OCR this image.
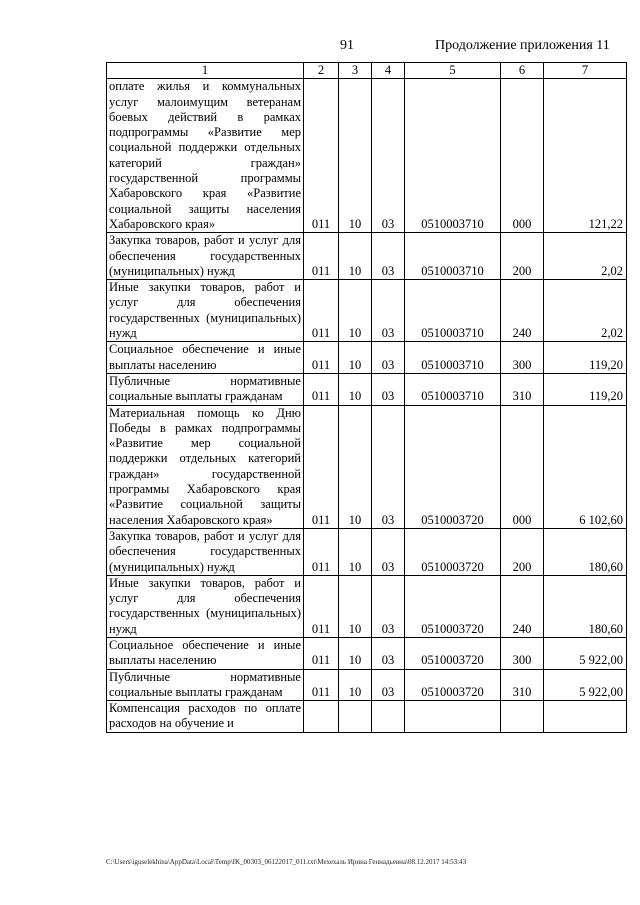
91	Продолжение приложения 11
1	2	3	4	5	6	7
оплате жилья и коммунальных услуг малоимущим ветеранам боевых действий в рамках подпрограммы «Развитие мер социальной поддержки отдельных категорий граждан» государственной программы Хабаровского края «Развитие социальной защиты населения Хабаровского края»	011	10	03	0510003710	000	121,22
Закупка товаров, работ и услуг для обеспечения государственных (муниципальных) нужд	011	10	03	0510003710	200	2,02
Иные закупки товаров, работ и услуг для обеспечения государственных (муниципальных) нужд	011	10	03	0510003710	240	2,02
Социальное обеспечение и иные выплаты населению	011	10	03	0510003710	300	119,20
Публичные нормативные социальные выплаты гражданам	011	10	03	0510003710	310	119,20
Материальная помощь ко Дню Победы в рамках подпрограммы «Развитие мер социальной поддержки отдельных категорий граждан» государственной программы Хабаровского края «Развитие социальной защиты населения Хабаровского края»	011	10	03	0510003720	000	6 102,60
Закупка товаров, работ и услуг для обеспечения государственных (муниципальных) нужд	011	10	03	0510003720	200	180,60
Иные закупки товаров, работ и услуг для обеспечения государственных (муниципальных) нужд	011	10	03	0510003720	240	180,60
Социальное обеспечение и иные выплаты населению	011	10	03	0510003720	300	5 922,00
Публичные нормативные социальные выплаты гражданам	011	10	03	0510003720	310	5 922,00
Компенсация расходов по оплате расходов на обучение и						
C:\Users\iguselekhina\AppData\Local\Temp\IK_00303_06122017_011.txt\Мехехаль Ирина Геннадьевна\08.12.2017 14:53:43
